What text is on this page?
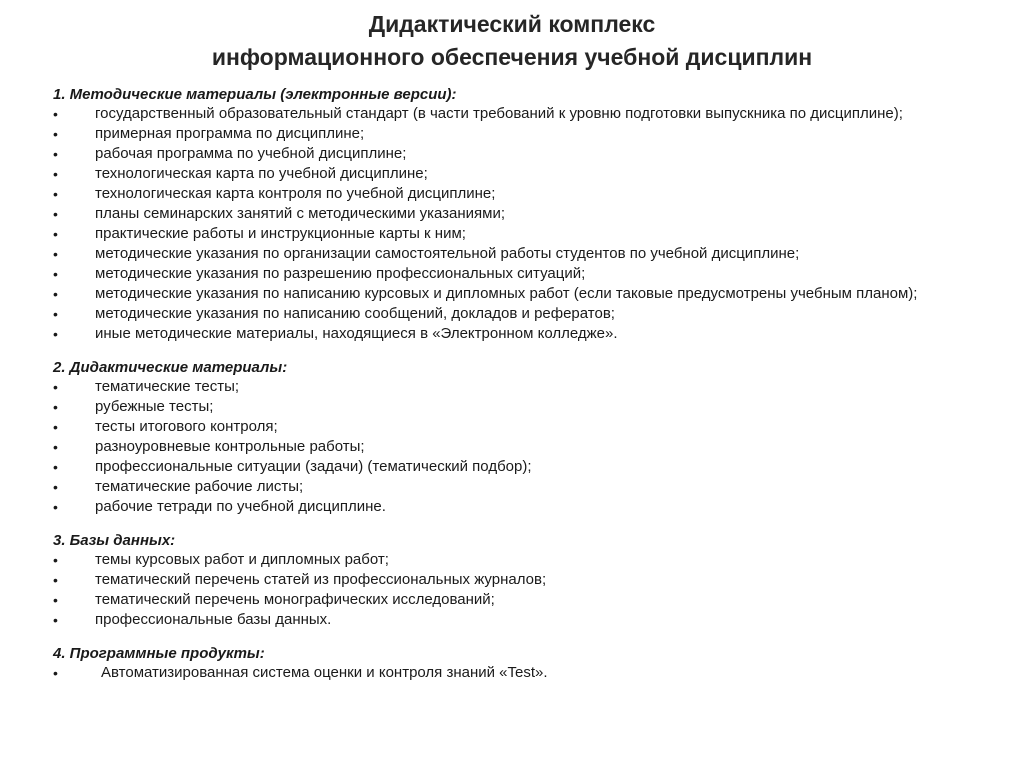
Дидактический комплекс
информационного обеспечения учебной дисциплин
1. Методические материалы (электронные версии):
• государственный образовательный стандарт (в части требований к уровню подготовки выпускника по дисциплине);
• примерная программа по дисциплине;
• рабочая программа по учебной дисциплине;
• технологическая карта по учебной дисциплине;
• технологическая карта контроля по учебной дисциплине;
• планы семинарских занятий с методическими указаниями;
• практические работы и инструкционные карты к ним;
• методические указания по организации самостоятельной работы студентов по учебной дисциплине;
• методические указания по разрешению профессиональных ситуаций;
• методические указания по написанию курсовых и дипломных работ (если таковые предусмотрены учебным планом);
• методические указания по написанию сообщений, докладов и рефератов;
• иные методические материалы, находящиеся в «Электронном колледже».
2. Дидактические материалы:
• тематические тесты;
• рубежные тесты;
• тесты итогового контроля;
• разноуровневые контрольные работы;
• профессиональные ситуации (задачи) (тематический подбор);
• тематические рабочие листы;
• рабочие тетради по учебной дисциплине.
3. Базы данных:
• темы курсовых работ и дипломных работ;
• тематический перечень статей из профессиональных журналов;
• тематический перечень монографических исследований;
• профессиональные базы данных.
4. Программные продукты:
•	Автоматизированная система оценки и контроля знаний «Test».
